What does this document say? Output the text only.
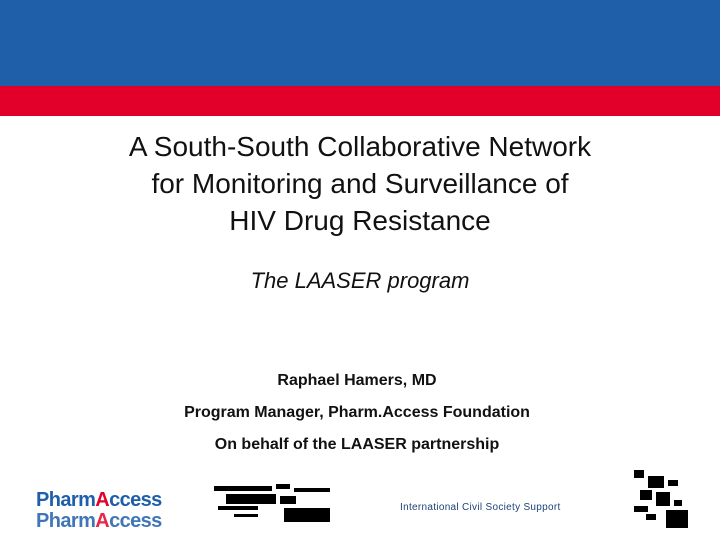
A South-South Collaborative Network
for Monitoring and Surveillance of
HIV Drug Resistance
The LAASER program
Raphael Hamers, MD
Program Manager, Pharm.Access Foundation
On behalf of the LAASER partnership
PharmAccess
PharmAccess
International Civil Society Support
